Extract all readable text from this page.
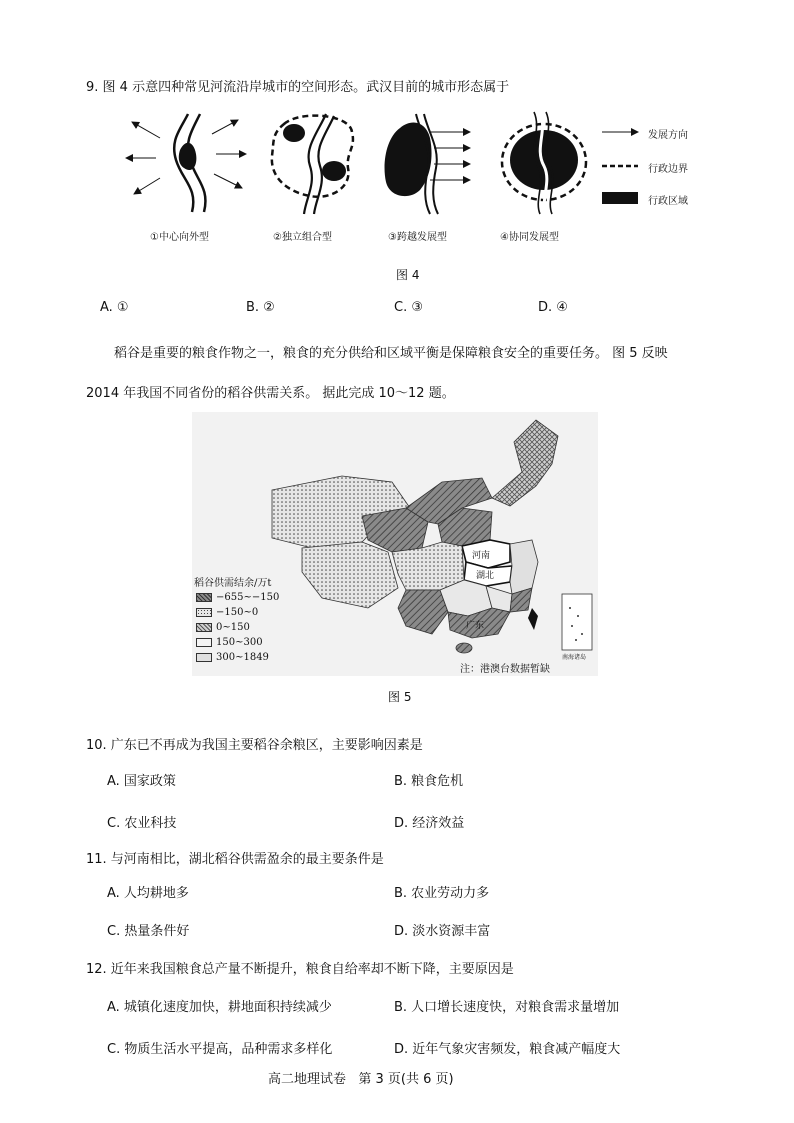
9. 图 4 示意四种常见河流沿岸城市的空间形态。武汉目前的城市形态属于
发展方向
行政边界
行政区域
①中心向外型	②独立组合型	③跨越发展型	④协同发展型
图 4
A. ①	B. ②	C. ③	D. ④
稻谷是重要的粮食作物之一，粮食的充分供给和区域平衡是保障粮食安全的重要任务。 图 5 反映
2014 年我国不同省份的稻谷供需关系。 据此完成 10～12 题。
稻谷供需结余/万t
−655~−150
−150~0
0~150
150~300
300~1849
河南
湖北
广东
南海诸岛
注：港澳台数据暂缺
图 5
10. 广东已不再成为我国主要稻谷余粮区，主要影响因素是
A. 国家政策	B. 粮食危机
C. 农业科技	D. 经济效益
11. 与河南相比，湖北稻谷供需盈余的最主要条件是
A. 人均耕地多	B. 农业劳动力多
C. 热量条件好	D. 淡水资源丰富
12. 近年来我国粮食总产量不断提升，粮食自给率却不断下降，主要原因是
A. 城镇化速度加快，耕地面积持续减少	B. 人口增长速度快，对粮食需求量增加
C. 物质生活水平提高，品种需求多样化	D. 近年气象灾害频发，粮食减产幅度大
高二地理试卷   第 3 页(共 6 页)
